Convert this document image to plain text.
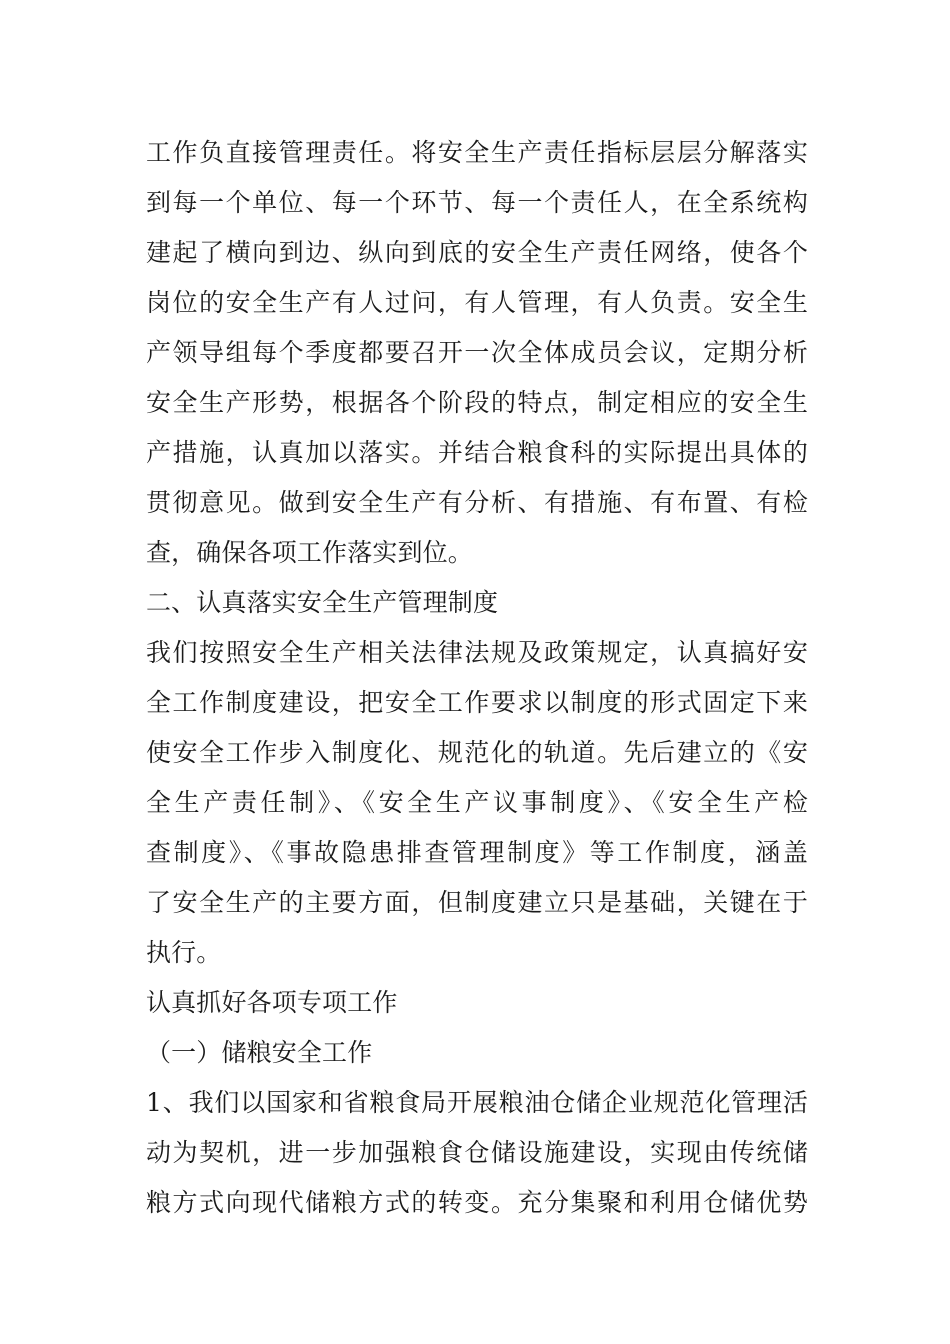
工作负直接管理责任。将安全生产责任指标层层分解落实
到每一个单位、每一个环节、每一个责任人，在全系统构
建起了横向到边、纵向到底的安全生产责任网络，使各个
岗位的安全生产有人过问，有人管理，有人负责。安全生
产领导组每个季度都要召开一次全体成员会议，定期分析
安全生产形势，根据各个阶段的特点，制定相应的安全生
产措施，认真加以落实。并结合粮食科的实际提出具体的
贯彻意见。做到安全生产有分析、有措施、有布置、有检
查，确保各项工作落实到位。
二、认真落实安全生产管理制度
我们按照安全生产相关法律法规及政策规定，认真搞好安
全工作制度建设，把安全工作要求以制度的形式固定下来
使安全工作步入制度化、规范化的轨道。先后建立的《安
全生产责任制》、《安全生产议事制度》、《安全生产检
查制度》、《事故隐患排查管理制度》等工作制度，涵盖
了安全生产的主要方面，但制度建立只是基础，关键在于
执行。
认真抓好各项专项工作
（一）储粮安全工作
1、我们以国家和省粮食局开展粮油仓储企业规范化管理活
动为契机，进一步加强粮食仓储设施建设，实现由传统储
粮方式向现代储粮方式的转变。充分集聚和利用仓储优势
